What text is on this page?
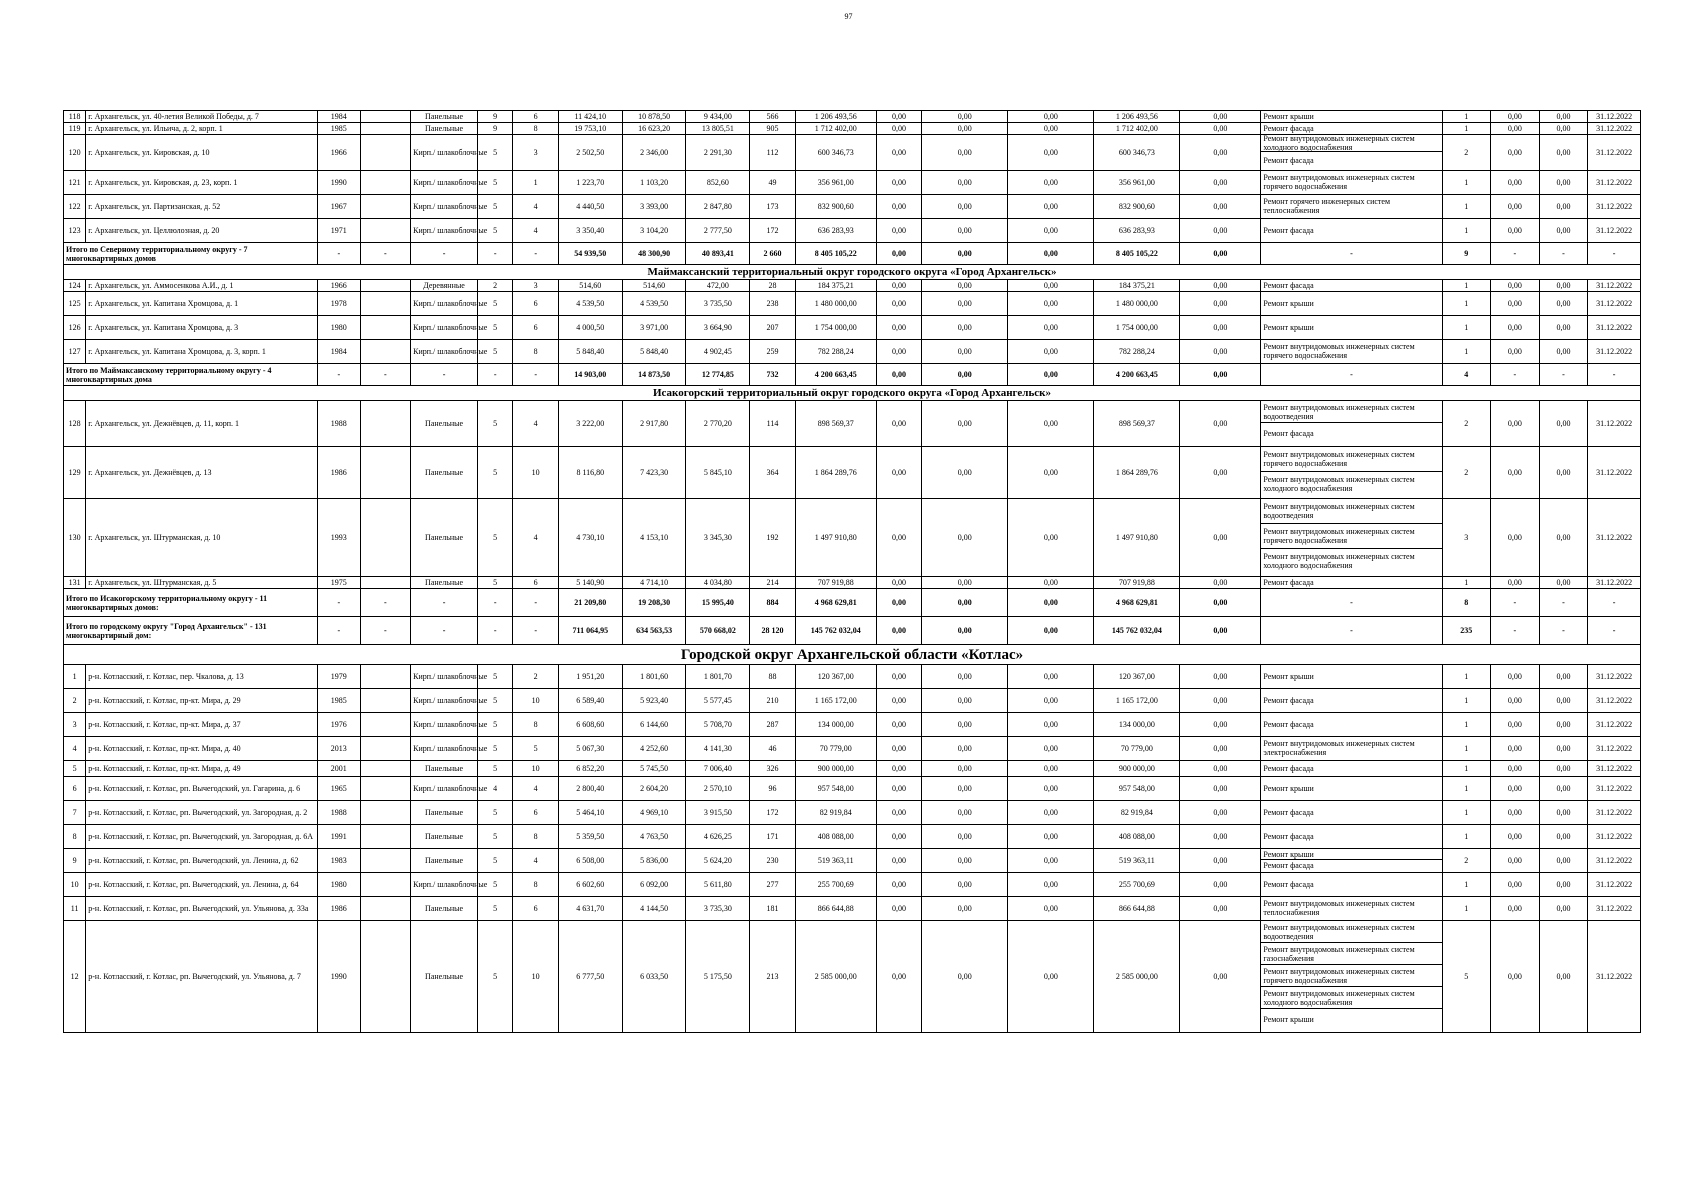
97
118	г. Архангельск, ул. 40-летия Великой Победы, д. 7	1984		Панельные	9	6	11 424,10	10 878,50	9 434,00	566	1 206 493,56	0,00	0,00	0,00	1 206 493,56	0,00	Ремонт крыши	1	0,00	0,00	31.12.2022
119	г. Архангельск, ул. Ильича, д. 2, корп. 1	1985		Панельные	9	8	19 753,10	16 623,20	13 805,51	905	1 712 402,00	0,00	0,00	0,00	1 712 402,00	0,00	Ремонт фасада	1	0,00	0,00	31.12.2022
120	г. Архангельск, ул. Кировская, д. 10	1966		Кирп./ шлакоблочные	5	3	2 502,50	2 346,00	2 291,30	112	600 346,73	0,00	0,00	0,00	600 346,73	0,00	Ремонт внутридомовых инженерных систем холодного водоснабжения
Ремонт фасада	2	0,00	0,00	31.12.2022
121	г. Архангельск, ул. Кировская, д. 23, корп. 1	1990		Кирп./ шлакоблочные	5	1	1 223,70	1 103,20	852,60	49	356 961,00	0,00	0,00	0,00	356 961,00	0,00	Ремонт внутридомовых инженерных систем горячего водоснабжения	1	0,00	0,00	31.12.2022
122	г. Архангельск, ул. Партизанская, д. 52	1967		Кирп./ шлакоблочные	5	4	4 440,50	3 393,00	2 847,80	173	832 900,60	0,00	0,00	0,00	832 900,60	0,00	Ремонт горячего инженерных систем теплоснабжения	1	0,00	0,00	31.12.2022
123	г. Архангельск, ул. Целлюлозная, д. 20	1971		Кирп./ шлакоблочные	5	4	3 350,40	3 104,20	2 777,50	172	636 283,93	0,00	0,00	0,00	636 283,93	0,00	Ремонт фасада	1	0,00	0,00	31.12.2022
Итого по Северному территориальному округу - 7 многоквартирных домов		-	-	-	-	-	54 939,50	48 300,90	40 893,41	2 660	8 405 105,22	0,00	0,00	0,00	8 405 105,22	0,00	-	9	-	-	-
Маймаксанский территориальный округ городского округа «Город Архангельск»																					
124	г. Архангельск, ул. Аммосенкова А.И., д. 1	1966		Деревянные	2	3	514,60	514,60	472,00	28	184 375,21	0,00	0,00	0,00	184 375,21	0,00	Ремонт фасада	1	0,00	0,00	31.12.2022
125	г. Архангельск, ул. Капитана Хромцова, д. 1	1978		Кирп./ шлакоблочные	5	6	4 539,50	4 539,50	3 735,50	238	1 480 000,00	0,00	0,00	0,00	1 480 000,00	0,00	Ремонт крыши	1	0,00	0,00	31.12.2022
126	г. Архангельск, ул. Капитана Хромцова, д. 3	1980		Кирп./ шлакоблочные	5	6	4 000,50	3 971,00	3 664,90	207	1 754 000,00	0,00	0,00	0,00	1 754 000,00	0,00	Ремонт крыши	1	0,00	0,00	31.12.2022
127	г. Архангельск, ул. Капитана Хромцова, д. 3, корп. 1	1984		Кирп./ шлакоблочные	5	8	5 848,40	5 848,40	4 902,45	259	782 288,24	0,00	0,00	0,00	782 288,24	0,00	Ремонт внутридомовых инженерных систем горячего водоснабжения	1	0,00	0,00	31.12.2022
Итого по Маймаксанскому территориальному округу - 4 многоквартирных дома		-	-	-	-	-	14 903,00	14 873,50	12 774,85	732	4 200 663,45	0,00	0,00	0,00	4 200 663,45	0,00	-	4	-	-	-
Исакогорский территориальный округ городского округа «Город Архангельск»																					
128	г. Архангельск, ул. Дежнёвцев, д. 11, корп. 1	1988		Панельные	5	4	3 222,00	2 917,80	2 770,20	114	898 569,37	0,00	0,00	0,00	898 569,37	0,00	Ремонт внутридомовых инженерных систем водоотведения
Ремонт фасада	2	0,00	0,00	31.12.2022
129	г. Архангельск, ул. Дежнёвцев, д. 13	1986		Панельные	5	10	8 116,80	7 423,30	5 845,10	364	1 864 289,76	0,00	0,00	0,00	1 864 289,76	0,00	Ремонт внутридомовых инженерных систем горячего водоснабжения
Ремонт внутридомовых инженерных систем холодного водоснабжения	2	0,00	0,00	31.12.2022
130	г. Архангельск, ул. Штурманская, д. 10	1993		Панельные	5	4	4 730,10	4 153,10	3 345,30	192	1 497 910,80	0,00	0,00	0,00	1 497 910,80	0,00	Ремонт внутридомовых инженерных систем водоотведения
Ремонт внутридомовых инженерных систем горячего водоснабжения
Ремонт внутридомовых инженерных систем холодного водоснабжения	3	0,00	0,00	31.12.2022
131	г. Архангельск, ул. Штурманская, д. 5	1975		Панельные	5	6	5 140,90	4 714,10	4 034,80	214	707 919,88	0,00	0,00	0,00	707 919,88	0,00	Ремонт фасада	1	0,00	0,00	31.12.2022
Итого по Исакогорскому территориальному округу - 11 многоквартирных домов:		-	-	-	-	-	21 209,80	19 208,30	15 995,40	884	4 968 629,81	0,00	0,00	0,00	4 968 629,81	0,00	-	8	-	-	-
Итого по городскому округу "Город Архангельск" - 131 многоквартирный дом:		-	-	-	-	-	711 064,95	634 563,53	570 668,02	28 120	145 762 032,04	0,00	0,00	0,00	145 762 032,04	0,00	-	235	-	-	-
Городской округ Архангельской области «Котлас»																					
1	р-н. Котласский, г. Котлас, пер. Чкалова, д. 13	1979		Кирп./ шлакоблочные	5	2	1 951,20	1 801,60	1 801,70	88	120 367,00	0,00	0,00	0,00	120 367,00	0,00	Ремонт крыши	1	0,00	0,00	31.12.2022
2	р-н. Котласский, г. Котлас, пр-кт. Мира, д. 29	1985		Кирп./ шлакоблочные	5	10	6 589,40	5 923,40	5 577,45	210	1 165 172,00	0,00	0,00	0,00	1 165 172,00	0,00	Ремонт фасада	1	0,00	0,00	31.12.2022
3	р-н. Котласский, г. Котлас, пр-кт. Мира, д. 37	1976		Кирп./ шлакоблочные	5	8	6 608,60	6 144,60	5 708,70	287	134 000,00	0,00	0,00	0,00	134 000,00	0,00	Ремонт фасада	1	0,00	0,00	31.12.2022
4	р-н. Котласский, г. Котлас, пр-кт. Мира, д. 40	2013		Кирп./ шлакоблочные	5	5	5 067,30	4 252,60	4 141,30	46	70 779,00	0,00	0,00	0,00	70 779,00	0,00	Ремонт внутридомовых инженерных систем электроснабжения	1	0,00	0,00	31.12.2022
5	р-н. Котласский, г. Котлас, пр-кт. Мира, д. 49	2001		Панельные	5	10	6 852,20	5 745,50	7 006,40	326	900 000,00	0,00	0,00	0,00	900 000,00	0,00	Ремонт фасада	1	0,00	0,00	31.12.2022
6	р-н. Котласский, г. Котлас, рп. Вычегодский, ул. Гагарина, д. 6	1965		Кирп./ шлакоблочные	4	4	2 800,40	2 604,20	2 570,10	96	957 548,00	0,00	0,00	0,00	957 548,00	0,00	Ремонт крыши	1	0,00	0,00	31.12.2022
7	р-н. Котласский, г. Котлас, рп. Вычегодский, ул. Загородная, д. 2	1988		Панельные	5	6	5 464,10	4 969,10	3 915,50	172	82 919,84	0,00	0,00	0,00	82 919,84	0,00	Ремонт фасада	1	0,00	0,00	31.12.2022
8	р-н. Котласский, г. Котлас, рп. Вычегодский, ул. Загородная, д. 6А	1991		Панельные	5	8	5 359,50	4 763,50	4 626,25	171	408 088,00	0,00	0,00	0,00	408 088,00	0,00	Ремонт фасада	1	0,00	0,00	31.12.2022
9	р-н. Котласский, г. Котлас, рп. Вычегодский, ул. Ленина, д. 62	1983		Панельные	5	4	6 508,00	5 836,00	5 624,20	230	519 363,11	0,00	0,00	0,00	519 363,11	0,00	Ремонт крыши
Ремонт фасада	2	0,00	0,00	31.12.2022
10	р-н. Котласский, г. Котлас, рп. Вычегодский, ул. Ленина, д. 64	1980		Кирп./ шлакоблочные	5	8	6 602,60	6 092,00	5 611,80	277	255 700,69	0,00	0,00	0,00	255 700,69	0,00	Ремонт фасада	1	0,00	0,00	31.12.2022
11	р-н. Котласский, г. Котлас, рп. Вычегодский, ул. Ульянова, д. 33а	1986		Панельные	5	6	4 631,70	4 144,50	3 735,30	181	866 644,88	0,00	0,00	0,00	866 644,88	0,00	Ремонт внутридомовых инженерных систем теплоснабжения	1	0,00	0,00	31.12.2022
12	р-н. Котласский, г. Котлас, рп. Вычегодский, ул. Ульянова, д. 7	1990		Панельные	5	10	6 777,50	6 033,50	5 175,50	213	2 585 000,00	0,00	0,00	0,00	2 585 000,00	0,00	Ремонт внутридомовых инженерных систем водоотведения
Ремонт внутридомовых инженерных систем газоснабжения
Ремонт внутридомовых инженерных систем горячего водоснабжения
Ремонт внутридомовых инженерных систем холодного водоснабжения
Ремонт крыши	5	0,00	0,00	31.12.2022
